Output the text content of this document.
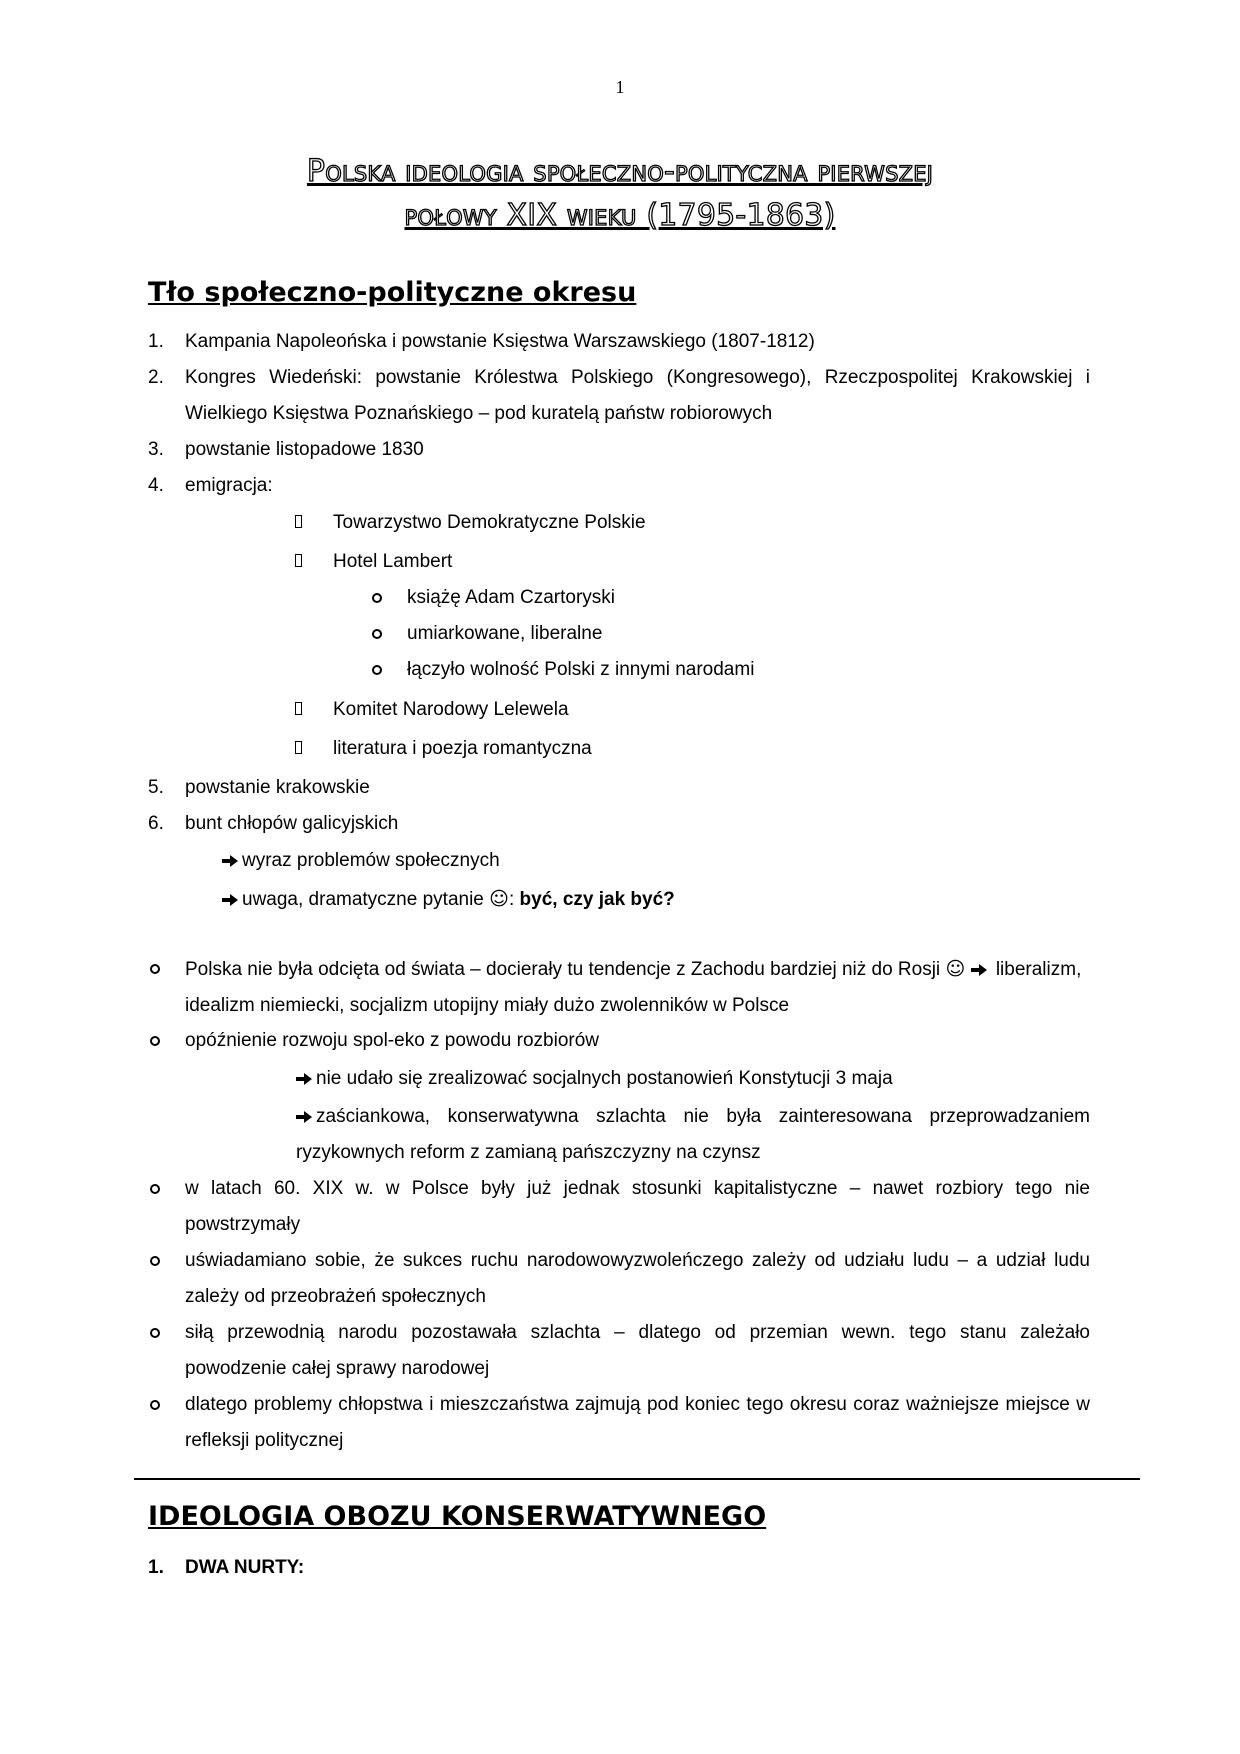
1
Polska ideologia społeczno-polityczna pierwszej
połowy XIX wieku (1795-1863)
Tło społeczno-polityczne okresu
1. Kampania Napoleońska i powstanie Księstwa Warszawskiego (1807-1812)
2. Kongres Wiedeński: powstanie Królestwa Polskiego (Kongresowego), Rzeczpospolitej Krakowskiej i Wielkiego Księstwa Poznańskiego – pod kuratelą państw robiorowych
3. powstanie listopadowe 1830
4. emigracja:
Towarzystwo Demokratyczne Polskie
Hotel Lambert
książę Adam Czartoryski
umiarkowane, liberalne
łączyło wolność Polski z innymi narodami
Komitet Narodowy Lelewela
literatura i poezja romantyczna
5. powstanie krakowskie
6. bunt chłopów galicyjskich
wyraz problemów społecznych
uwaga, dramatyczne pytanie ☺: być, czy jak być?
Polska nie była odcięta od świata – docierały tu tendencje z Zachodu bardziej niż do Rosji ☺ liberalizm, idealizm niemiecki, socjalizm utopijny miały dużo zwolenników w Polsce
opóźnienie rozwoju spol-eko z powodu rozbiorów
nie udało się zrealizować socjalnych postanowień Konstytucji 3 maja
zaściankowa, konserwatywna szlachta nie była zainteresowana przeprowadzaniem ryzykownych reform z zamianą pańszczyzny na czynsz
w latach 60. XIX w. w Polsce były już jednak stosunki kapitalistyczne – nawet rozbiory tego nie powstrzymały
uświadamiano sobie, że sukces ruchu narodowowyzwoleńczego zależy od udziału ludu – a udział ludu zależy od przeobrażeń społecznych
siłą przewodnią narodu pozostawała szlachta – dlatego od przemian wewn. tego stanu zależało powodzenie całej sprawy narodowej
dlatego problemy chłopstwa i mieszczaństwa zajmują pod koniec tego okresu coraz ważniejsze miejsce w refleksji politycznej
IDEOLOGIA OBOZU KONSERWATYWNEGO
1. DWA NURTY:
